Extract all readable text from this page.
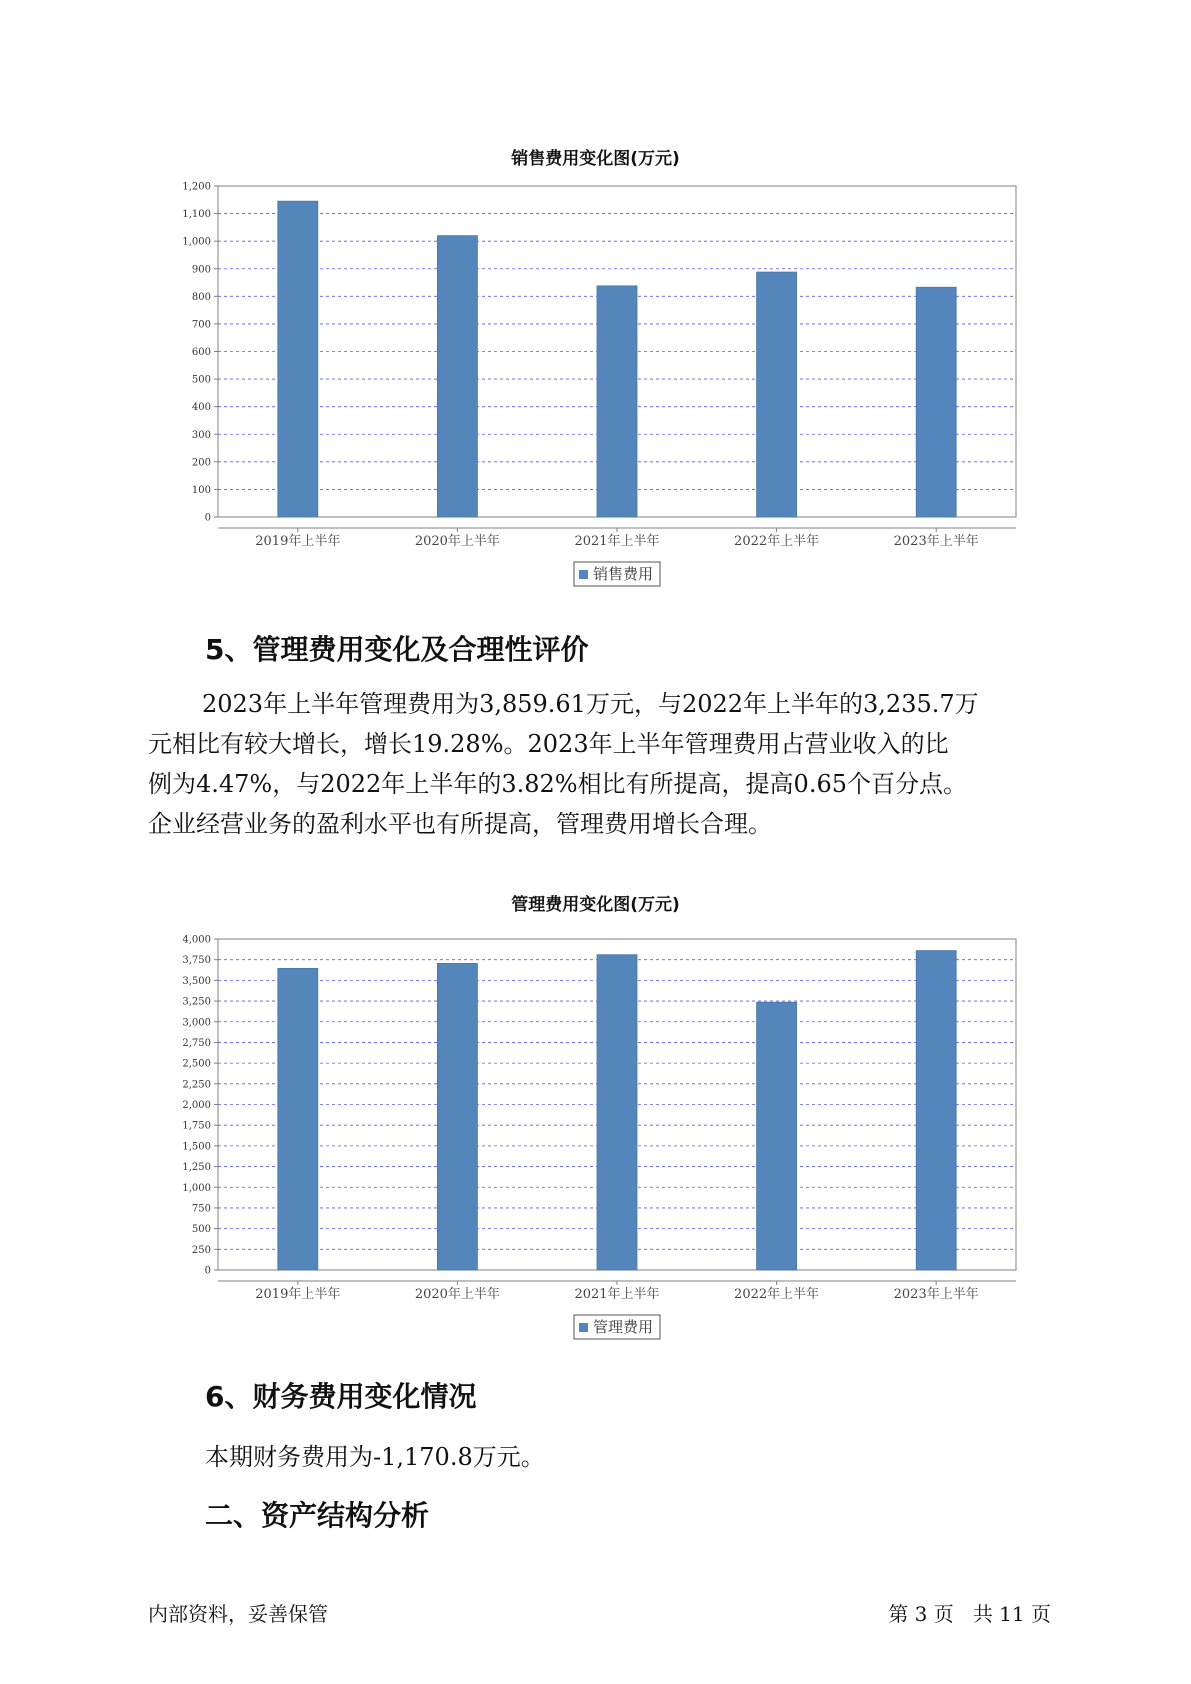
销售费用变化图(万元)
0
100
200
300
400
500
600
700
800
900
1,000
1,100
1,200
2019年上半年	2020年上半年	2021年上半年	2022年上半年	2023年上半年
销售费用
5、管理费用变化及合理性评价
2023年上半年管理费用为3,859.61万元，与2022年上半年的3,235.7万
元相比有较大增长，增长19.28%。2023年上半年管理费用占营业收入的比
例为4.47%，与2022年上半年的3.82%相比有所提高，提高0.65个百分点。
企业经营业务的盈利水平也有所提高，管理费用增长合理。
管理费用变化图(万元)
0
250
500
750
1,000
1,250
1,500
1,750
2,000
2,250
2,500
2,750
3,000
3,250
3,500
3,750
4,000
2019年上半年	2020年上半年	2021年上半年	2022年上半年	2023年上半年
管理费用
6、财务费用变化情况
本期财务费用为-1,170.8万元。
二、资产结构分析
内部资料，妥善保管	第 3 页   共 11 页
